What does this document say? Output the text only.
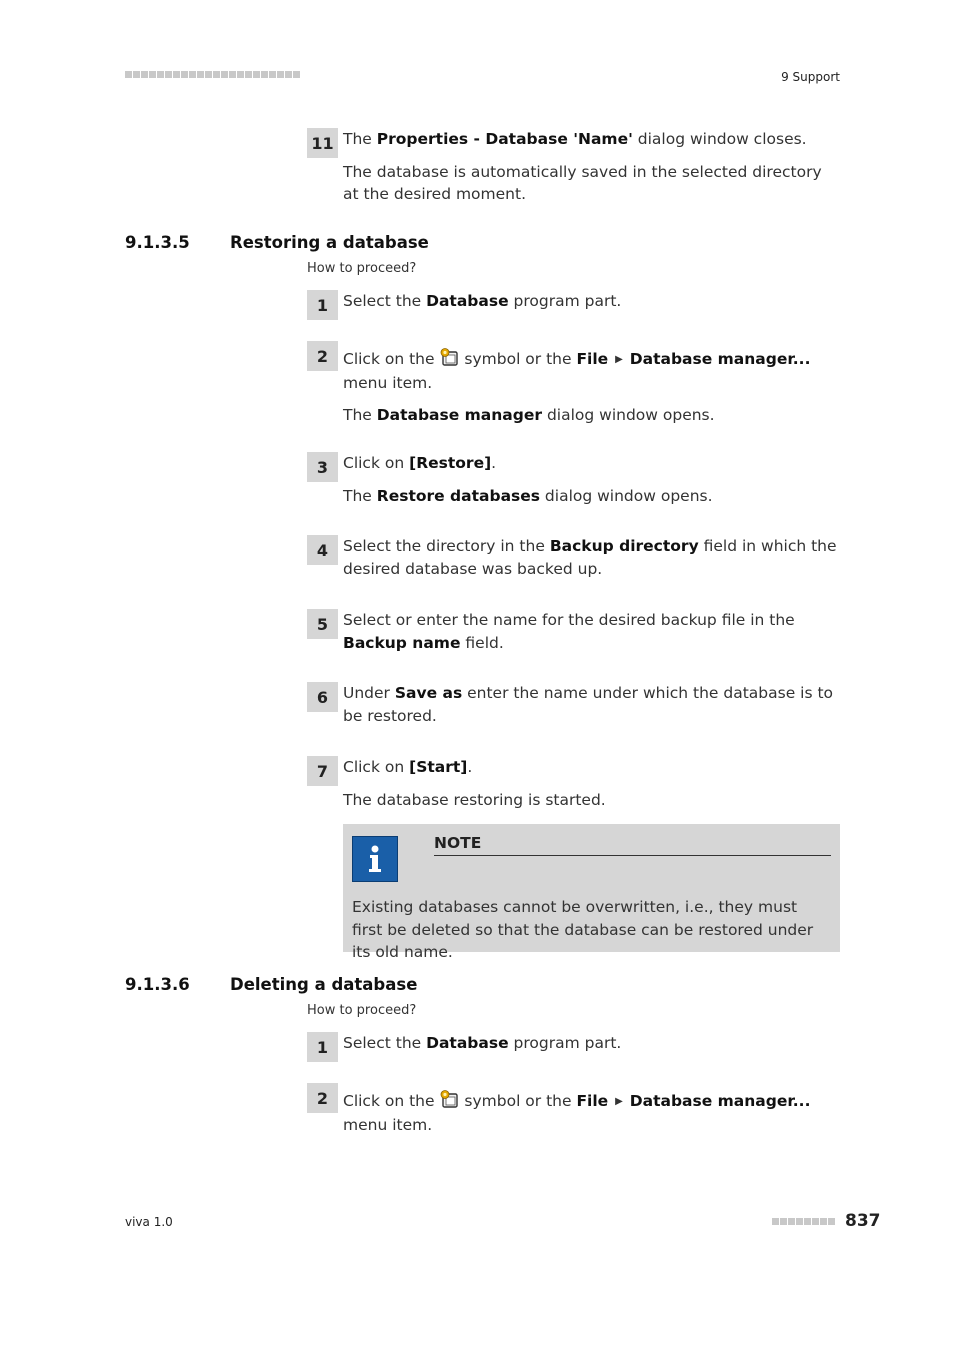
9 Support
11 The Properties - Database 'Name' dialog window closes.

The database is automatically saved in the selected directory at the desired moment.

9.1.3.5 Restoring a database
How to proceed?
1 Select the Database program part.

2 Click on the  symbol or the File ▶ Database manager... menu item.

The Database manager dialog window opens.

3 Click on [Restore].

The Restore databases dialog window opens.

4 Select the directory in the Backup directory field in which the desired database was backed up.

5 Select or enter the name for the desired backup file in the Backup name field.

6 Under Save as enter the name under which the database is to be restored.

7 Click on [Start].

The database restoring is started.

NOTE
Existing databases cannot be overwritten, i.e., they must first be deleted so that the database can be restored under its old name.
9.1.3.6 Deleting a database
How to proceed?
1 Select the Database program part.

2 Click on the  symbol or the File ▶ Database manager... menu item.

viva 1.0	837
